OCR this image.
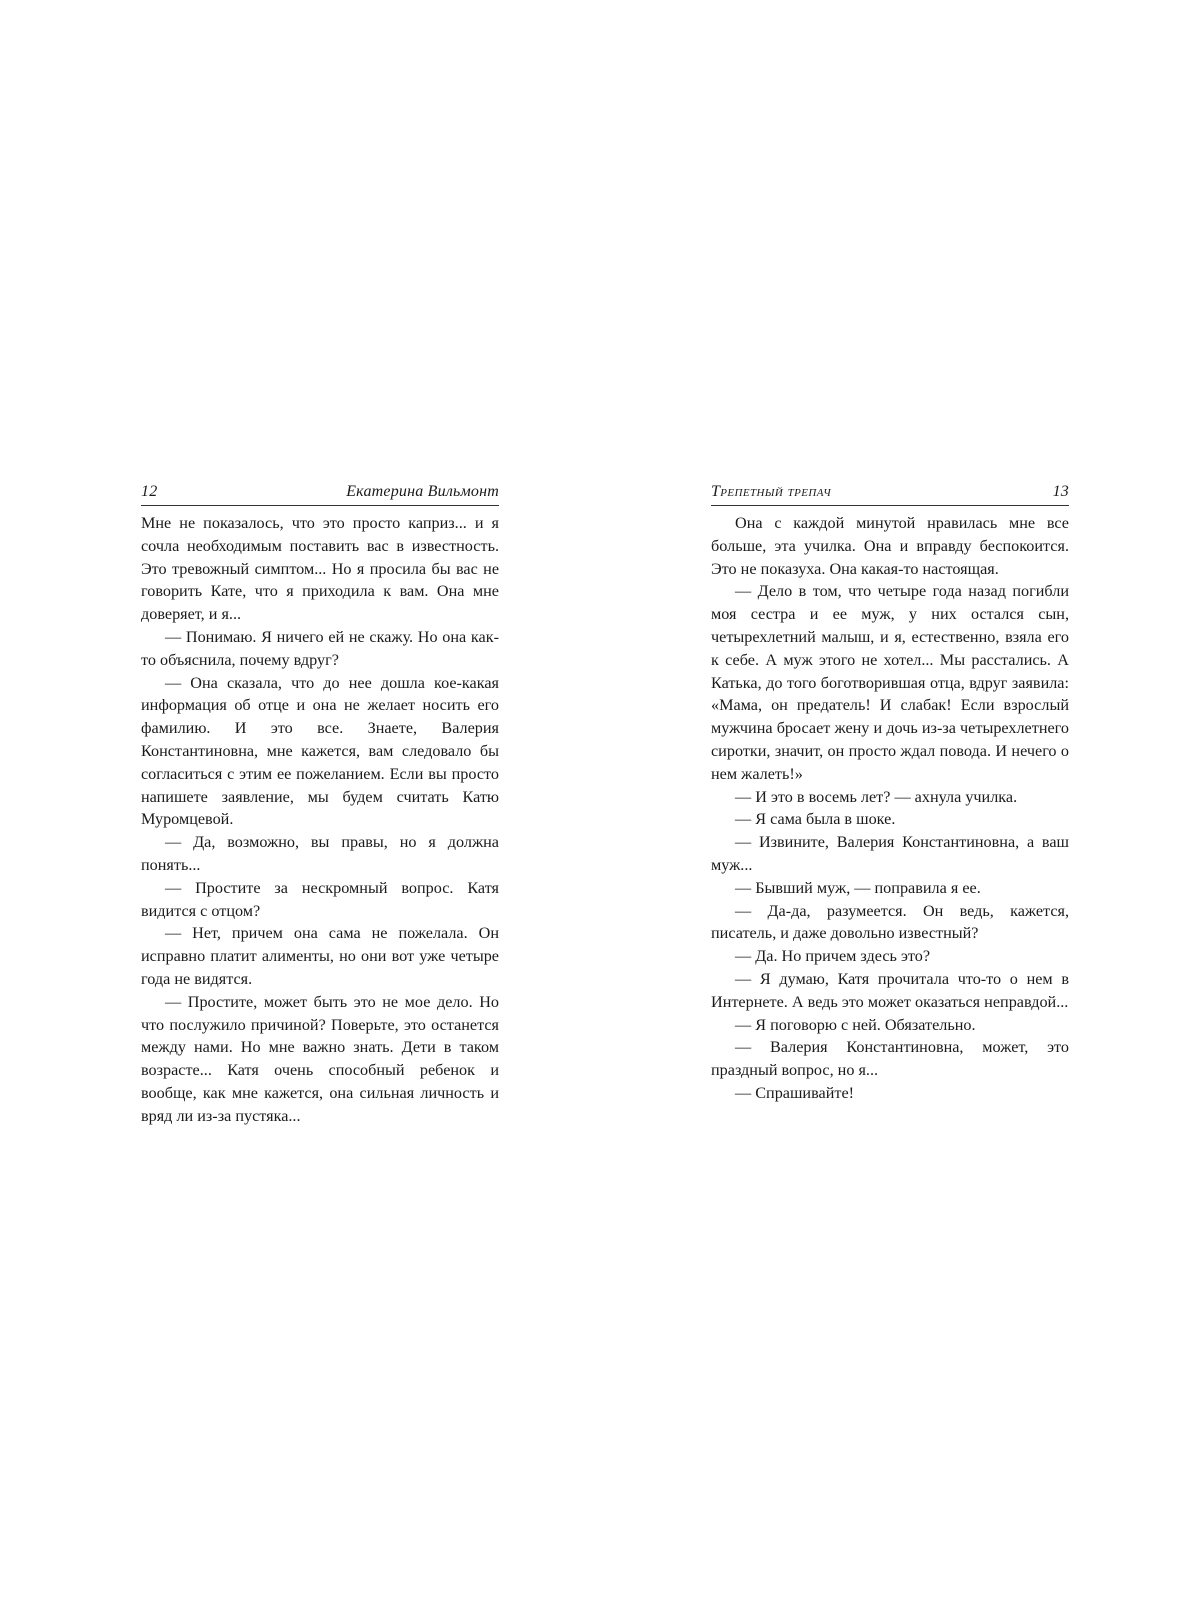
12	Екатерина Вильмонт

Мне не показалось, что это просто каприз... и я сочла необходимым поставить вас в известность. Это тревожный симптом... Но я просила бы вас не говорить Кате, что я приходила к вам. Она мне доверяет, и я...

— Понимаю. Я ничего ей не скажу. Но она как-то объяснила, почему вдруг?

— Она сказала, что до нее дошла кое-какая информация об отце и она не желает носить его фамилию. И это все. Знаете, Валерия Константиновна, мне кажется, вам следовало бы согласиться с этим ее пожеланием. Если вы просто напишете заявление, мы будем считать Катю Муромцевой.

— Да, возможно, вы правы, но я должна понять...

— Простите за нескромный вопрос. Катя видится с отцом?

— Нет, причем она сама не пожелала. Он исправно платит алименты, но они вот уже четыре года не видятся.

— Простите, может быть это не мое дело. Но что послужило причиной? Поверьте, это останется между нами. Но мне важно знать. Дети в таком возрасте... Катя очень способный ребенок и вообще, как мне кажется, она сильная личность и вряд ли из-за пустяка...

Трепетный трепач	13

Она с каждой минутой нравилась мне все больше, эта училка. Она и вправду беспокоится. Это не показуха. Она какая-то настоящая.

— Дело в том, что четыре года назад погибли моя сестра и ее муж, у них остался сын, четырехлетний малыш, и я, естественно, взяла его к себе. А муж этого не хотел... Мы расстались. А Катька, до того боготворившая отца, вдруг заявила: «Мама, он предатель! И слабак! Если взрослый мужчина бросает жену и дочь из-за четырехлетнего сиротки, значит, он просто ждал повода. И нечего о нем жалеть!»

— И это в восемь лет? — ахнула училка.

— Я сама была в шоке.

— Извините, Валерия Константиновна, а ваш муж...

— Бывший муж, — поправила я ее.

— Да-да, разумеется. Он ведь, кажется, писатель, и даже довольно известный?

— Да. Но причем здесь это?

— Я думаю, Катя прочитала что-то о нем в Интернете. А ведь это может оказаться неправдой...

— Я поговорю с ней. Обязательно.

— Валерия Константиновна, может, это праздный вопрос, но я...

— Спрашивайте!
